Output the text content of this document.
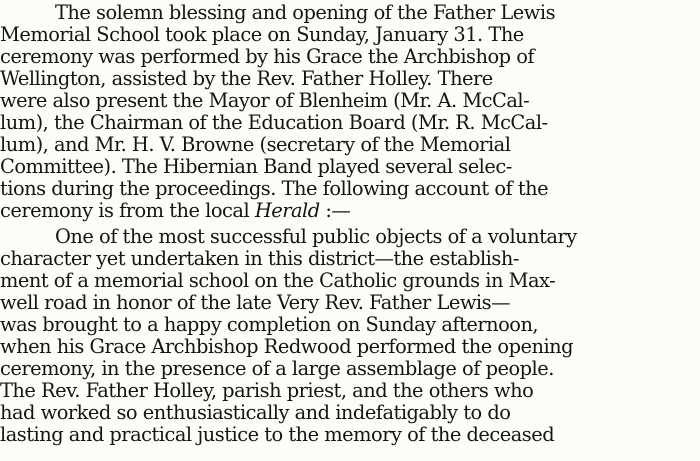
The solemn blessing and opening of the Father Lewis
Memorial School took place on Sunday, January 31. The
ceremony was performed by his Grace the Archbishop of
Wellington, assisted by the Rev. Father Holley. There
were also present the Mayor of Blenheim (Mr. A. McCal-
lum), the Chairman of the Education Board (Mr. R. McCal-
lum), and Mr. H. V. Browne (secretary of the Memorial
Committee). The Hibernian Band played several selec-
tions during the proceedings. The following account of the
ceremony is from the local Herald :—
One of the most successful public objects of a voluntary
character yet undertaken in this district—the establish-
ment of a memorial school on the Catholic grounds in Max-
well road in honor of the late Very Rev. Father Lewis—
was brought to a happy completion on Sunday afternoon,
when his Grace Archbishop Redwood performed the opening
ceremony, in the presence of a large assemblage of people.
The Rev. Father Holley, parish priest, and the others who
had worked so enthusiastically and indefatigably to do
lasting and practical justice to the memory of the deceased
